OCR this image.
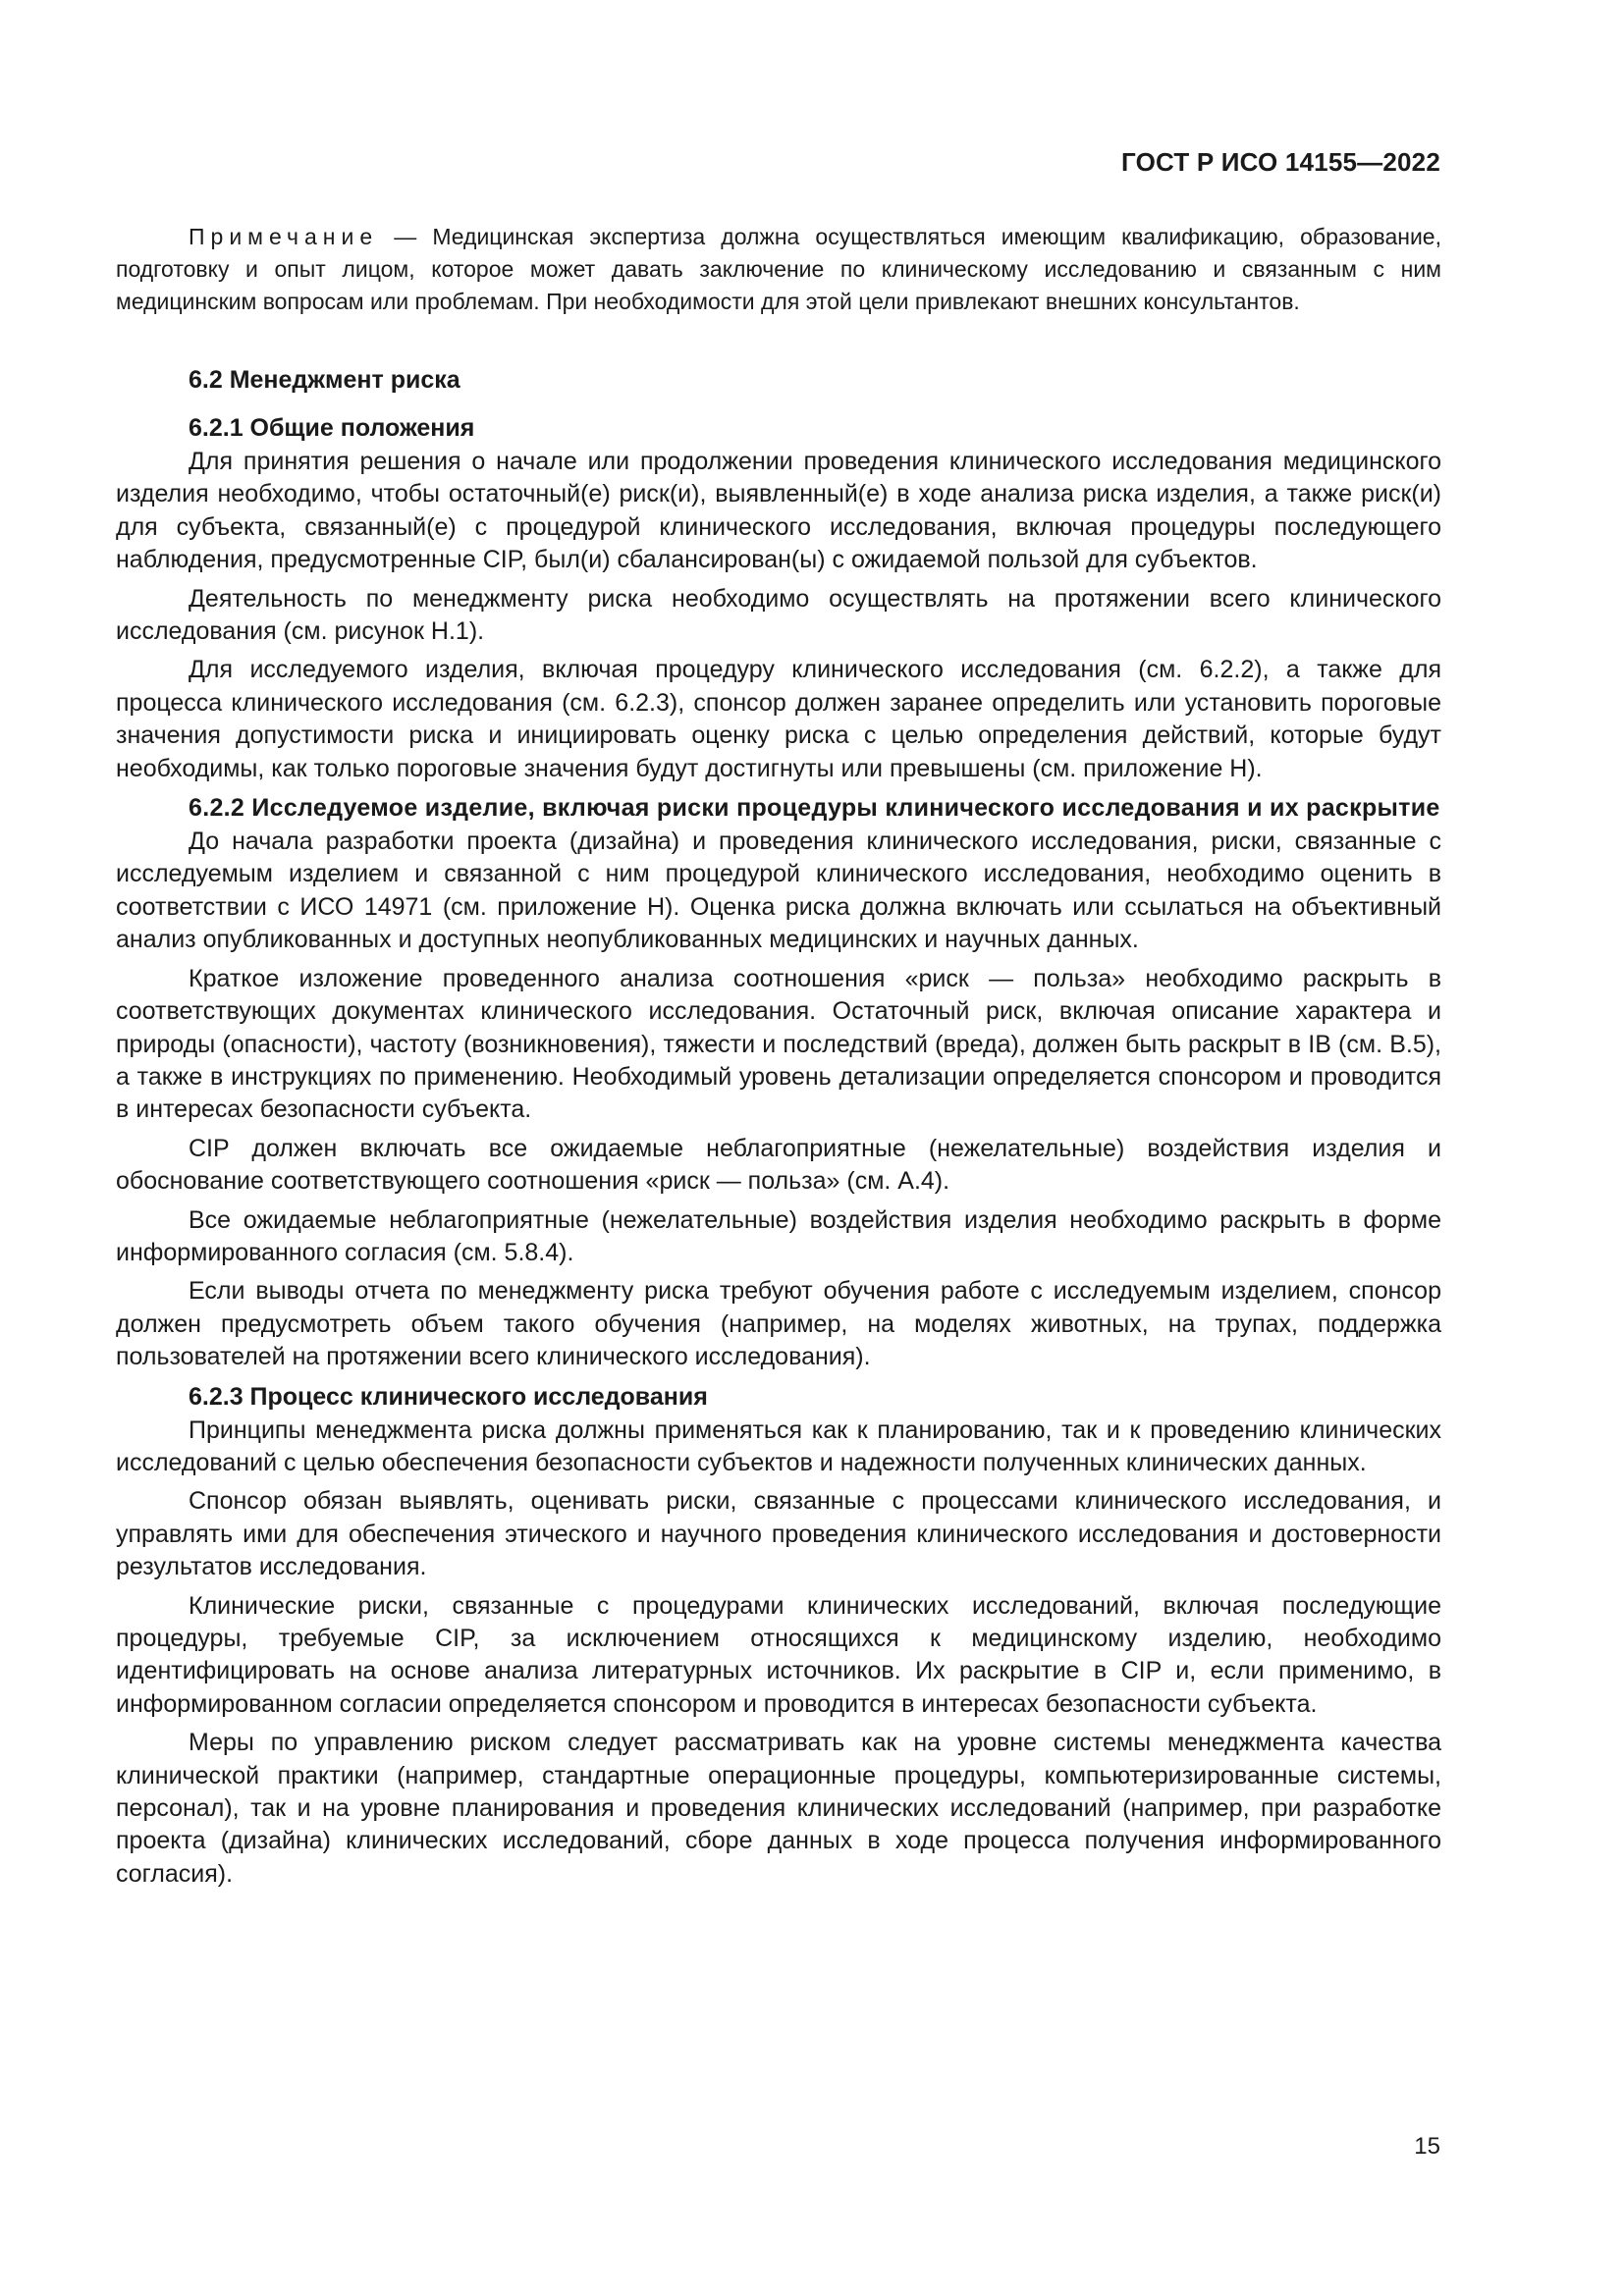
ГОСТ Р ИСО 14155—2022

Примечание — Медицинская экспертиза должна осуществляться имеющим квалификацию, образование, подготовку и опыт лицом, которое может давать заключение по клиническому исследованию и связанным с ним медицинским вопросам или проблемам. При необходимости для этой цели привлекают внешних консультантов.

6.2 Менеджмент риска
6.2.1 Общие положения

Для принятия решения о начале или продолжении проведения клинического исследования медицинского изделия необходимо, чтобы остаточный(е) риск(и), выявленный(е) в ходе анализа риска изделия, а также риск(и) для субъекта, связанный(е) с процедурой клинического исследования, включая процедуры последующего наблюдения, предусмотренные CIP, был(и) сбалансирован(ы) с ожидаемой пользой для субъектов.

Деятельность по менеджменту риска необходимо осуществлять на протяжении всего клинического исследования (см. рисунок Н.1).

Для исследуемого изделия, включая процедуру клинического исследования (см. 6.2.2), а также для процесса клинического исследования (см. 6.2.3), спонсор должен заранее определить или установить пороговые значения допустимости риска и инициировать оценку риска с целью определения действий, которые будут необходимы, как только пороговые значения будут достигнуты или превышены (см. приложение Н).

6.2.2 Исследуемое изделие, включая риски процедуры клинического исследования и их раскрытие

До начала разработки проекта (дизайна) и проведения клинического исследования, риски, связанные с исследуемым изделием и связанной с ним процедурой клинического исследования, необходимо оценить в соответствии с ИСО 14971 (см. приложение Н). Оценка риска должна включать или ссылаться на объективный анализ опубликованных и доступных неопубликованных медицинских и научных данных.

Краткое изложение проведенного анализа соотношения «риск — польза» необходимо раскрыть в соответствующих документах клинического исследования. Остаточный риск, включая описание характера и природы (опасности), частоту (возникновения), тяжести и последствий (вреда), должен быть раскрыт в IB (см. В.5), а также в инструкциях по применению. Необходимый уровень детализации определяется спонсором и проводится в интересах безопасности субъекта.

CIP должен включать все ожидаемые неблагоприятные (нежелательные) воздействия изделия и обоснование соответствующего соотношения «риск — польза» (см. А.4).

Все ожидаемые неблагоприятные (нежелательные) воздействия изделия необходимо раскрыть в форме информированного согласия (см. 5.8.4).

Если выводы отчета по менеджменту риска требуют обучения работе с исследуемым изделием, спонсор должен предусмотреть объем такого обучения (например, на моделях животных, на трупах, поддержка пользователей на протяжении всего клинического исследования).

6.2.3 Процесс клинического исследования

Принципы менеджмента риска должны применяться как к планированию, так и к проведению клинических исследований с целью обеспечения безопасности субъектов и надежности полученных клинических данных.

Спонсор обязан выявлять, оценивать риски, связанные с процессами клинического исследования, и управлять ими для обеспечения этического и научного проведения клинического исследования и достоверности результатов исследования.

Клинические риски, связанные с процедурами клинических исследований, включая последующие процедуры, требуемые CIP, за исключением относящихся к медицинскому изделию, необходимо идентифицировать на основе анализа литературных источников. Их раскрытие в CIP и, если применимо, в информированном согласии определяется спонсором и проводится в интересах безопасности субъекта.

Меры по управлению риском следует рассматривать как на уровне системы менеджмента качества клинической практики (например, стандартные операционные процедуры, компьютеризированные системы, персонал), так и на уровне планирования и проведения клинических исследований (например, при разработке проекта (дизайна) клинических исследований, сборе данных в ходе процесса получения информированного согласия).

15
